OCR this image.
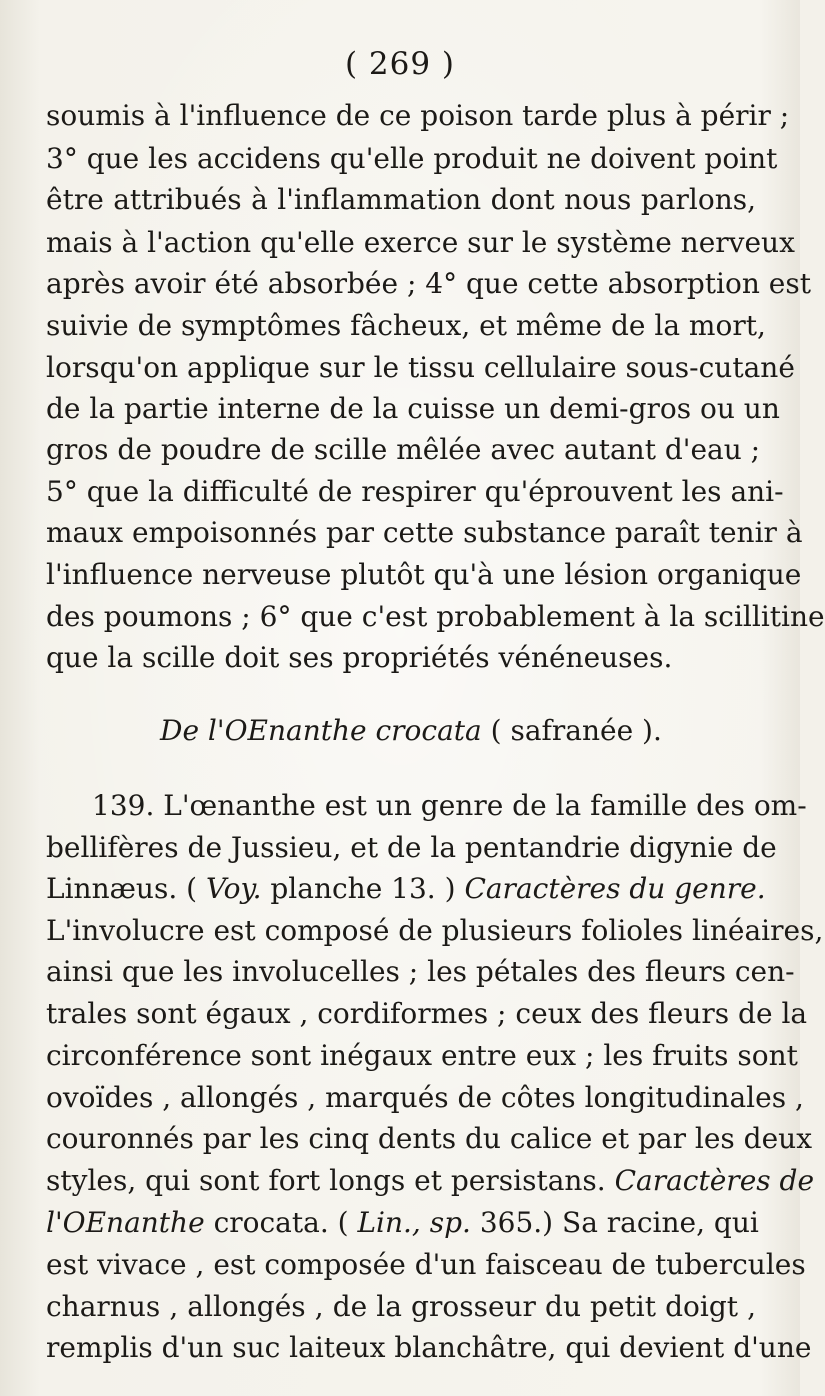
( 269 )
soumis à l'influence de ce poison tarde plus à périr ;
3° que les accidens qu'elle produit ne doivent point
être attribués à l'inflammation dont nous parlons,
mais à l'action qu'elle exerce sur le système nerveux
après avoir été absorbée ; 4° que cette absorption est
suivie de symptômes fâcheux, et même de la mort,
lorsqu'on applique sur le tissu cellulaire sous-cutané
de la partie interne de la cuisse un demi-gros ou un
gros de poudre de scille mêlée avec autant d'eau ;
5° que la difficulté de respirer qu'éprouvent les ani-
maux empoisonnés par cette substance paraît tenir à
l'influence nerveuse plutôt qu'à une lésion organique
des poumons ; 6° que c'est probablement à la scillitine
que la scille doit ses propriétés vénéneuses.
De l'OEnanthe crocata ( safranée ).
139. L'œnanthe est un genre de la famille des om-
bellifères de Jussieu, et de la pentandrie digynie de
Linnæus. ( Voy. planche 13. ) Caractères du genre.
L'involucre est composé de plusieurs folioles linéaires,
ainsi que les involucelles ; les pétales des fleurs cen-
trales sont égaux , cordiformes ; ceux des fleurs de la
circonférence sont inégaux entre eux ; les fruits sont
ovoïdes , allongés , marqués de côtes longitudinales ,
couronnés par les cinq dents du calice et par les deux
styles, qui sont fort longs et persistans. Caractères de
l'OEnanthe crocata. ( Lin., sp. 365.) Sa racine, qui
est vivace , est composée d'un faisceau de tubercules
charnus , allongés , de la grosseur du petit doigt ,
remplis d'un suc laiteux blanchâtre, qui devient d'une
